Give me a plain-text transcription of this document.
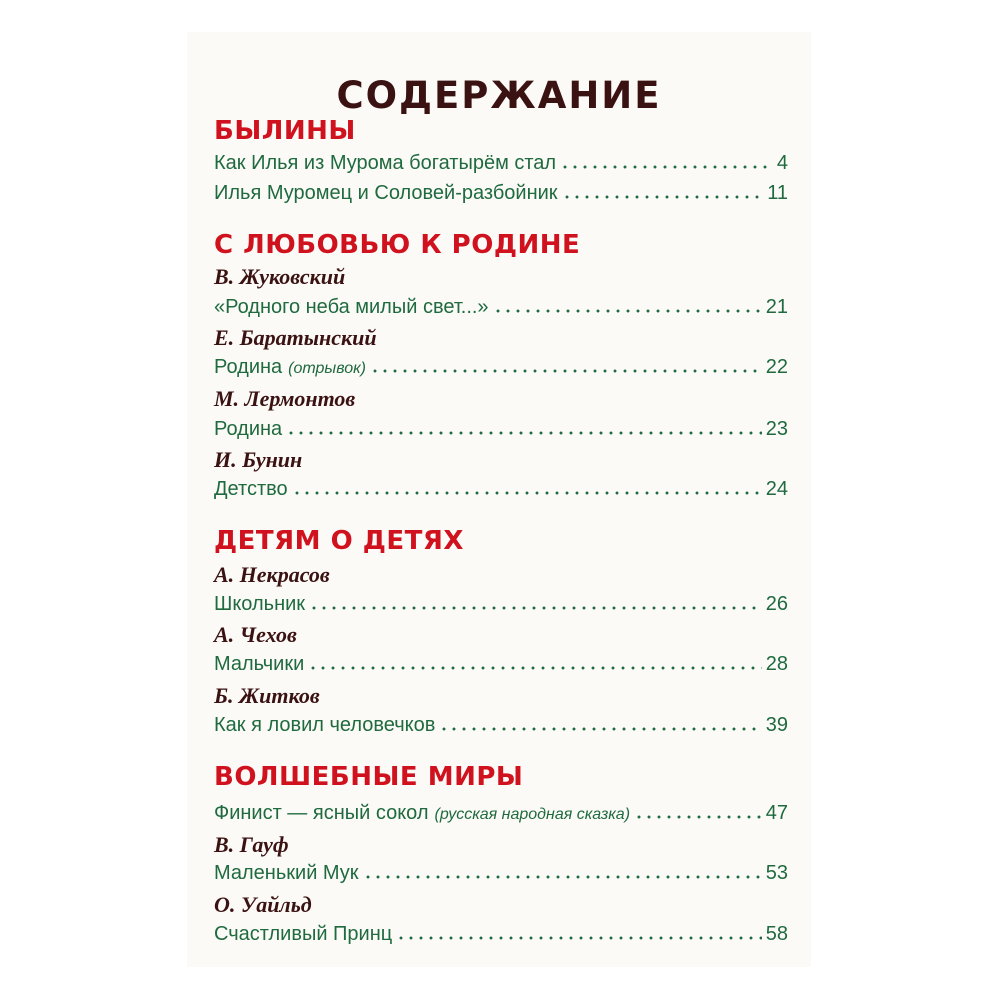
СОДЕРЖАНИЕ
БЫЛИНЫ
Как Илья из Мурома богатырём стал	4
Илья Муромец и Соловей-разбойник	11
С ЛЮБОВЬЮ К РОДИНЕ
В. Жуковский
«Родного неба милый свет...»	21
Е. Баратынский
Родина (отрывок)	22
М. Лермонтов
Родина	23
И. Бунин
Детство	24
ДЕТЯМ О ДЕТЯХ
А. Некрасов
Школьник	26
А. Чехов
Мальчики	28
Б. Житков
Как я ловил человечков	39
ВОЛШЕБНЫЕ МИРЫ
Финист — ясный сокол (русская народная сказка)	47
В. Гауф
Маленький Мук	53
О. Уайльд
Счастливый Принц	58
